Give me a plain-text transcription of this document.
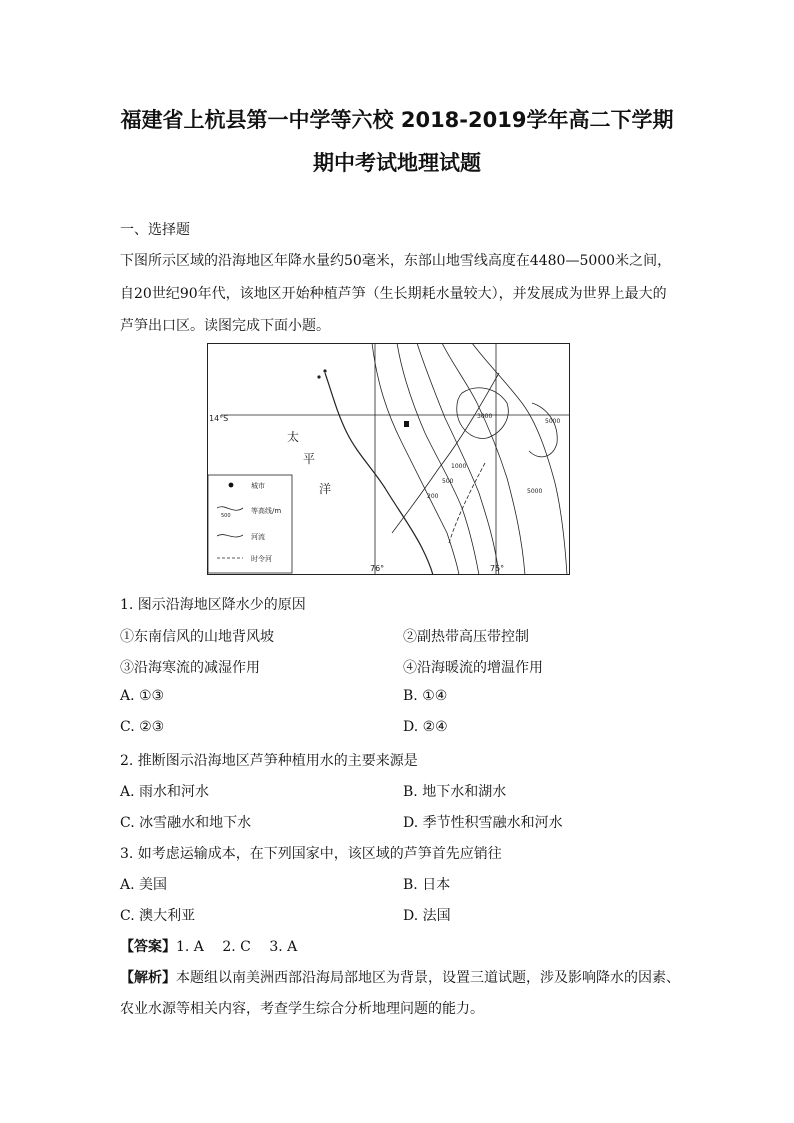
福建省上杭县第一中学等六校 2018-2019学年高二下学期
期中考试地理试题
一、选择题
下图所示区域的沿海地区年降水量约50毫米，东部山地雪线高度在4480—5000米之间，
自20世纪90年代，该地区开始种植芦笋（生长期耗水量较大），并发展成为世界上最大的
芦笋出口区。读图完成下面小题。
14°S
76°	75°
太
平
洋
5000
3000
1000
500
200
5000
城市
500
等高线/m
河流
时令河
1. 图示沿海地区降水少的原因
①东南信风的山地背风坡	②副热带高压带控制
③沿海寒流的减湿作用	④沿海暖流的增温作用
A. ①③	B. ①④
C. ②③	D. ②④
2. 推断图示沿海地区芦笋种植用水的主要来源是
A. 雨水和河水	B. 地下水和湖水
C. 冰雪融水和地下水	D. 季节性积雪融水和河水
3. 如考虑运输成本，在下列国家中，该区域的芦笋首先应销往
A. 美国	B. 日本
C. 澳大利亚	D. 法国
【答案】1. A　 2. C　 3. A
【解析】本题组以南美洲西部沿海局部地区为背景，设置三道试题，涉及影响降水的因素、
农业水源等相关内容，考查学生综合分析地理问题的能力。
